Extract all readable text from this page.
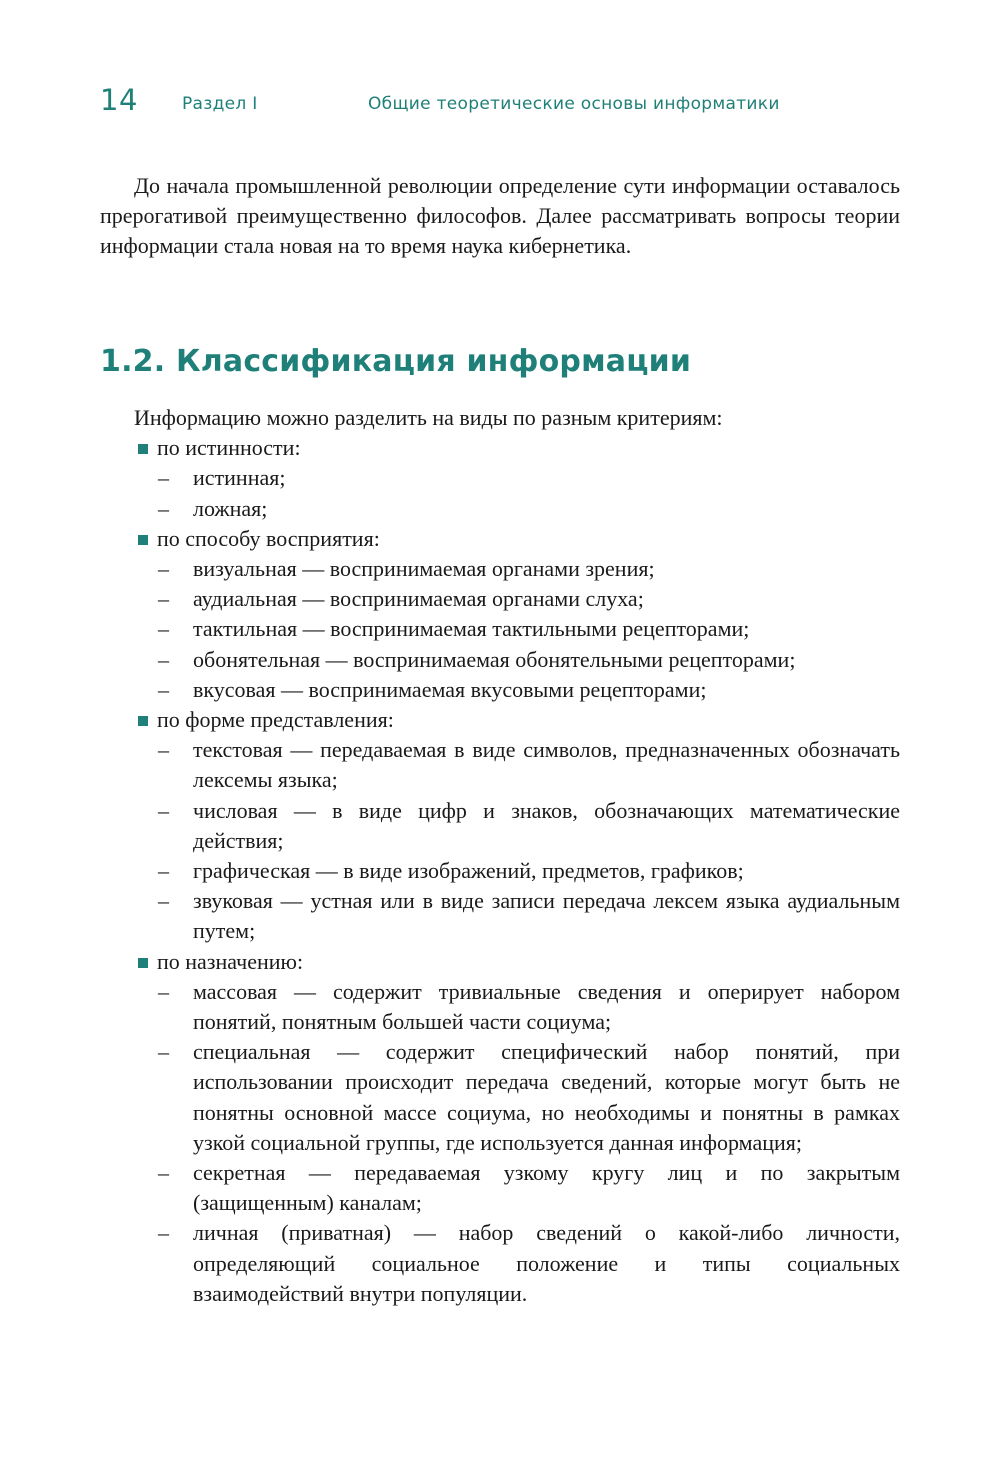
14	Раздел I	Общие теоретические основы информатики

До начала промышленной революции определение сути информации оставалось прерогативой преимущественно философов. Далее рассматривать вопросы теории информации стала новая на то время наука кибернетика.

1.2. Классификация информации

Информацию можно разделить на виды по разным критериям:

по истинности:

– истинная;

– ложная;

по способу восприятия:

– визуальная — воспринимаемая органами зрения;

– аудиальная — воспринимаемая органами слуха;

– тактильная — воспринимаемая тактильными рецепторами;

– обонятельная — воспринимаемая обонятельными рецепторами;

– вкусовая — воспринимаемая вкусовыми рецепторами;

по форме представления:

– текстовая — передаваемая в виде символов, предназначенных обозначать лексемы языка;

– числовая — в виде цифр и знаков, обозначающих математические действия;

– графическая — в виде изображений, предметов, графиков;

– звуковая — устная или в виде записи передача лексем языка аудиальным путем;

по назначению:

– массовая — содержит тривиальные сведения и оперирует набором понятий, понятным большей части социума;

– специальная — содержит специфический набор понятий, при использовании происходит передача сведений, которые могут быть не понятны основной массе социума, но необходимы и понятны в рамках узкой социальной группы, где используется данная информация;

– секретная — передаваемая узкому кругу лиц и по закрытым (защищенным) каналам;

– личная (приватная) — набор сведений о какой-либо личности, определяющий социальное положение и типы социальных взаимодействий внутри популяции.
